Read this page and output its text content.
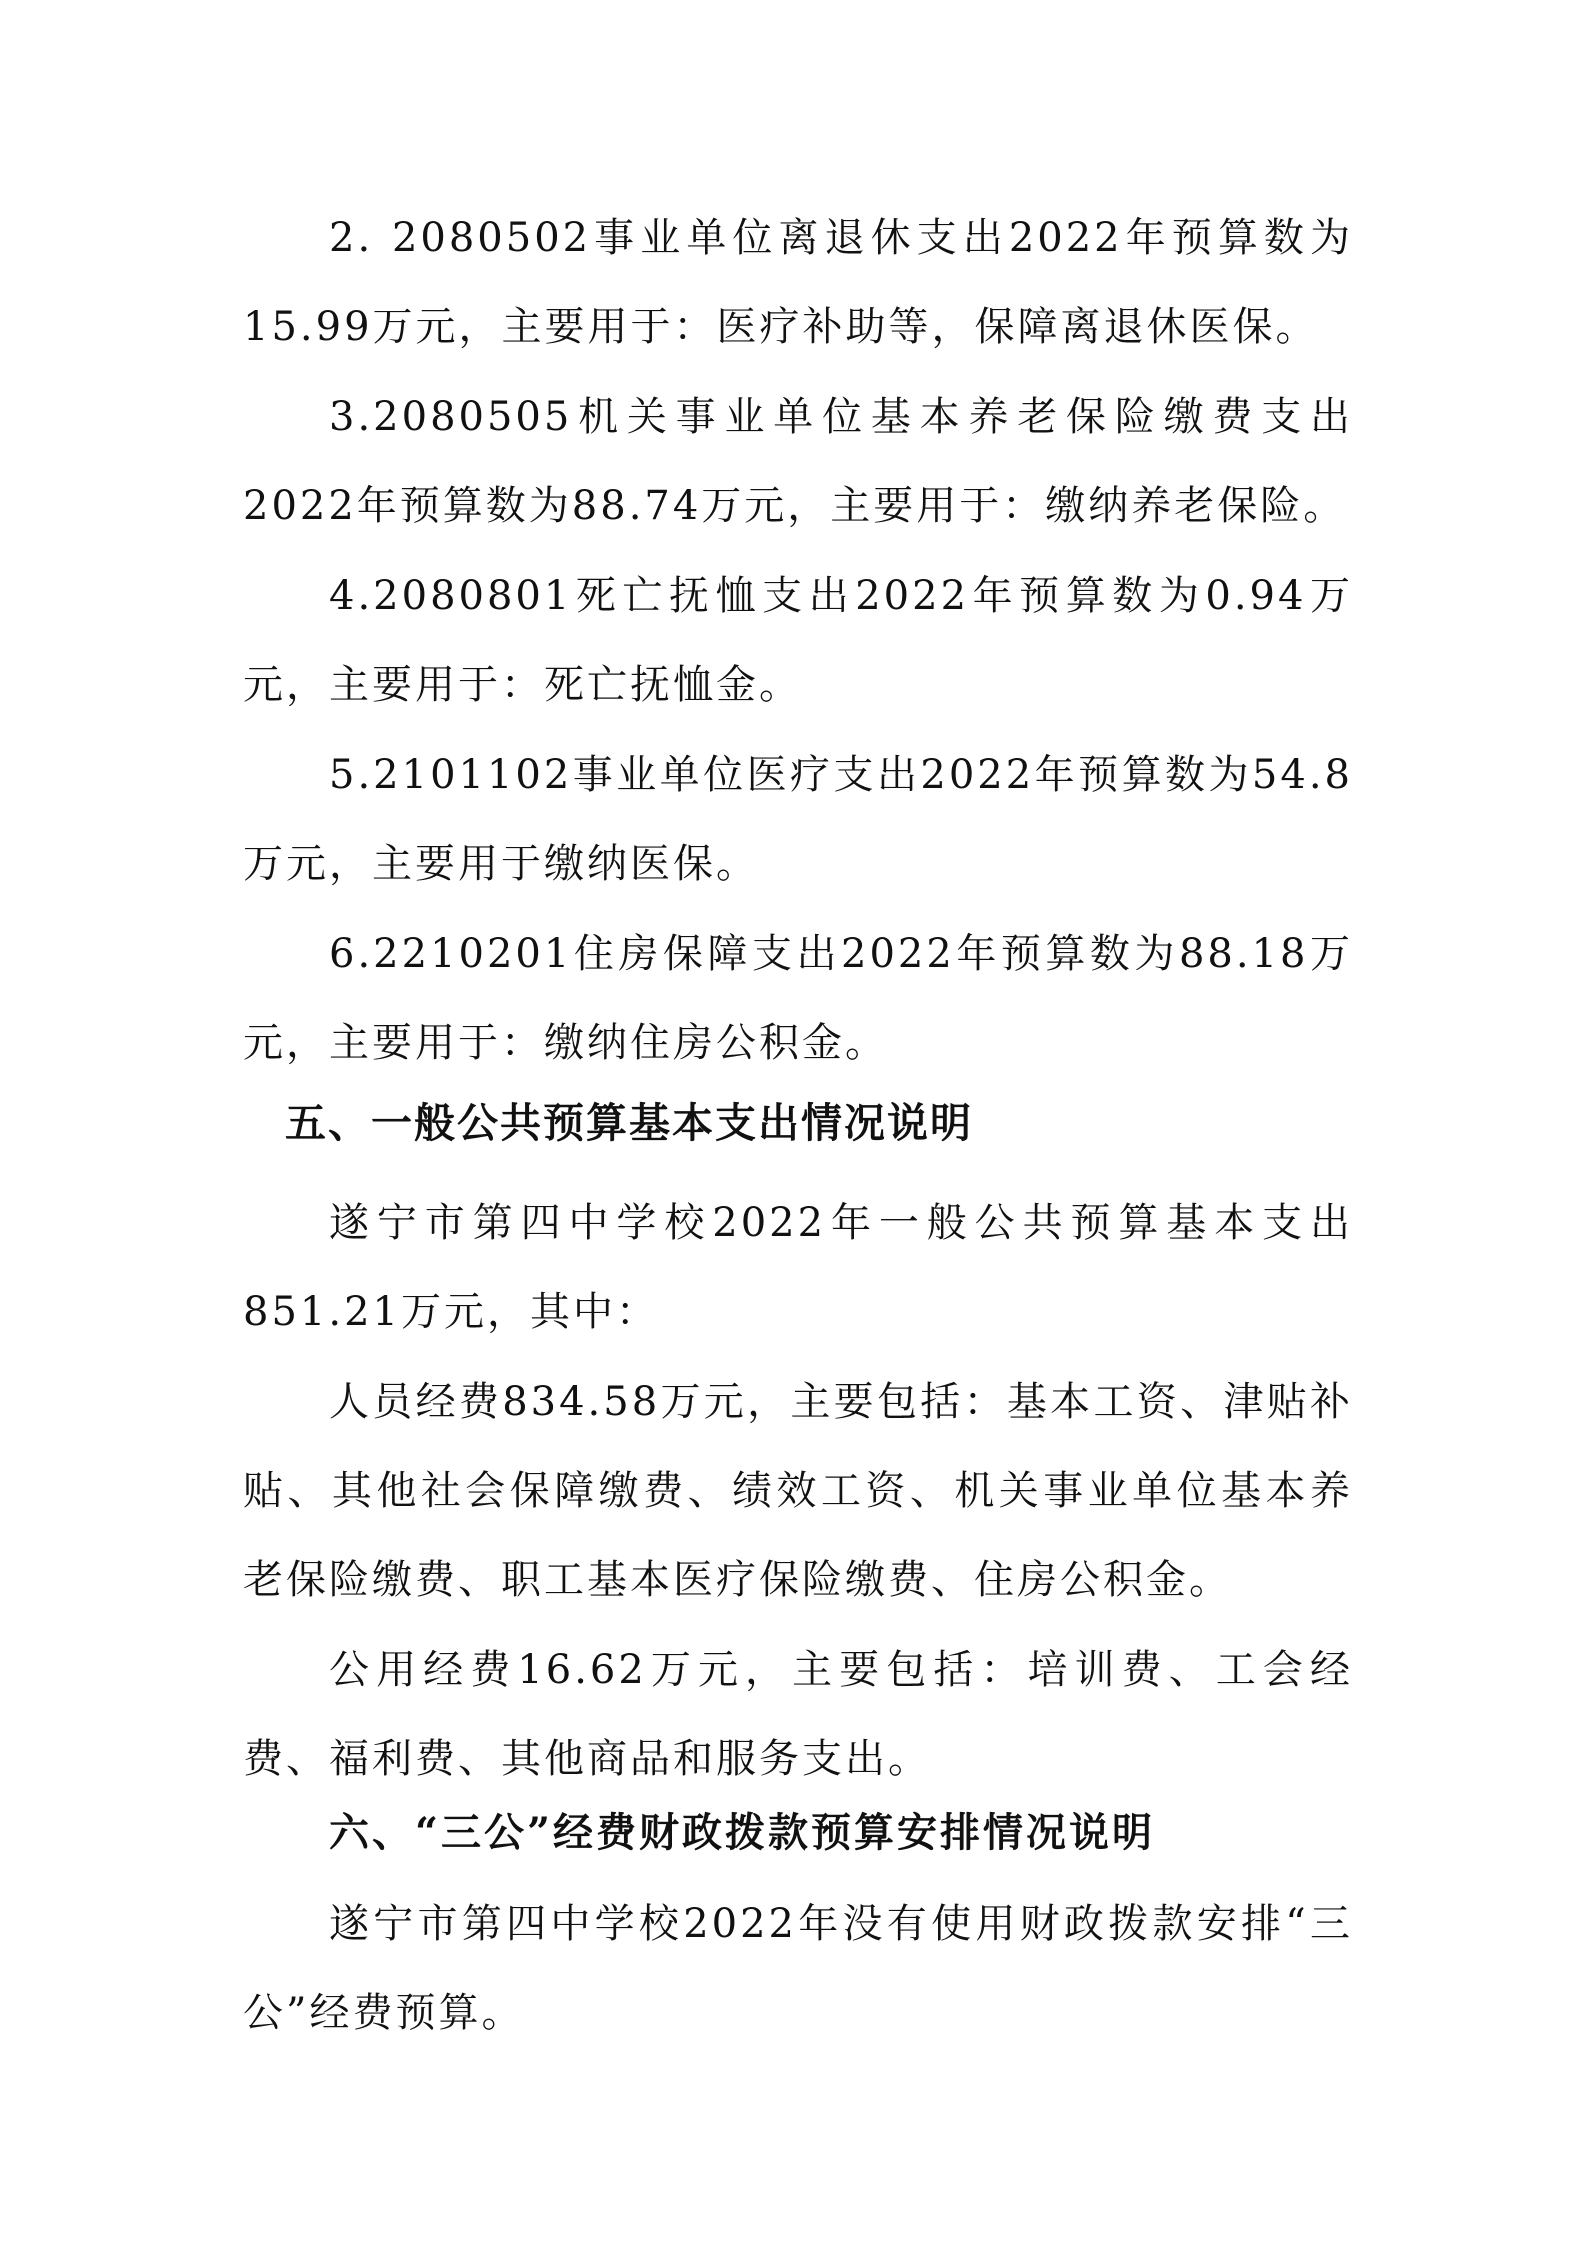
2. 2080502事业单位离退休支出2022年预算数为15.99万元，主要用于：医疗补助等，保障离退休医保。

3.2080505机关事业单位基本养老保险缴费支出2022年预算数为88.74万元，主要用于：缴纳养老保险。

4.2080801死亡抚恤支出2022年预算数为0.94万元，主要用于：死亡抚恤金。

5.2101102事业单位医疗支出2022年预算数为54.8万元，主要用于缴纳医保。

6.2210201住房保障支出2022年预算数为88.18万元，主要用于：缴纳住房公积金。

五、一般公共预算基本支出情况说明

遂宁市第四中学校2022年一般公共预算基本支出851.21万元，其中：

人员经费834.58万元，主要包括：基本工资、津贴补贴、其他社会保障缴费、绩效工资、机关事业单位基本养老保险缴费、职工基本医疗保险缴费、住房公积金。

公用经费16.62万元，主要包括：培训费、工会经费、福利费、其他商品和服务支出。

六、“三公”经费财政拨款预算安排情况说明

遂宁市第四中学校2022年没有使用财政拨款安排“三公”经费预算。
